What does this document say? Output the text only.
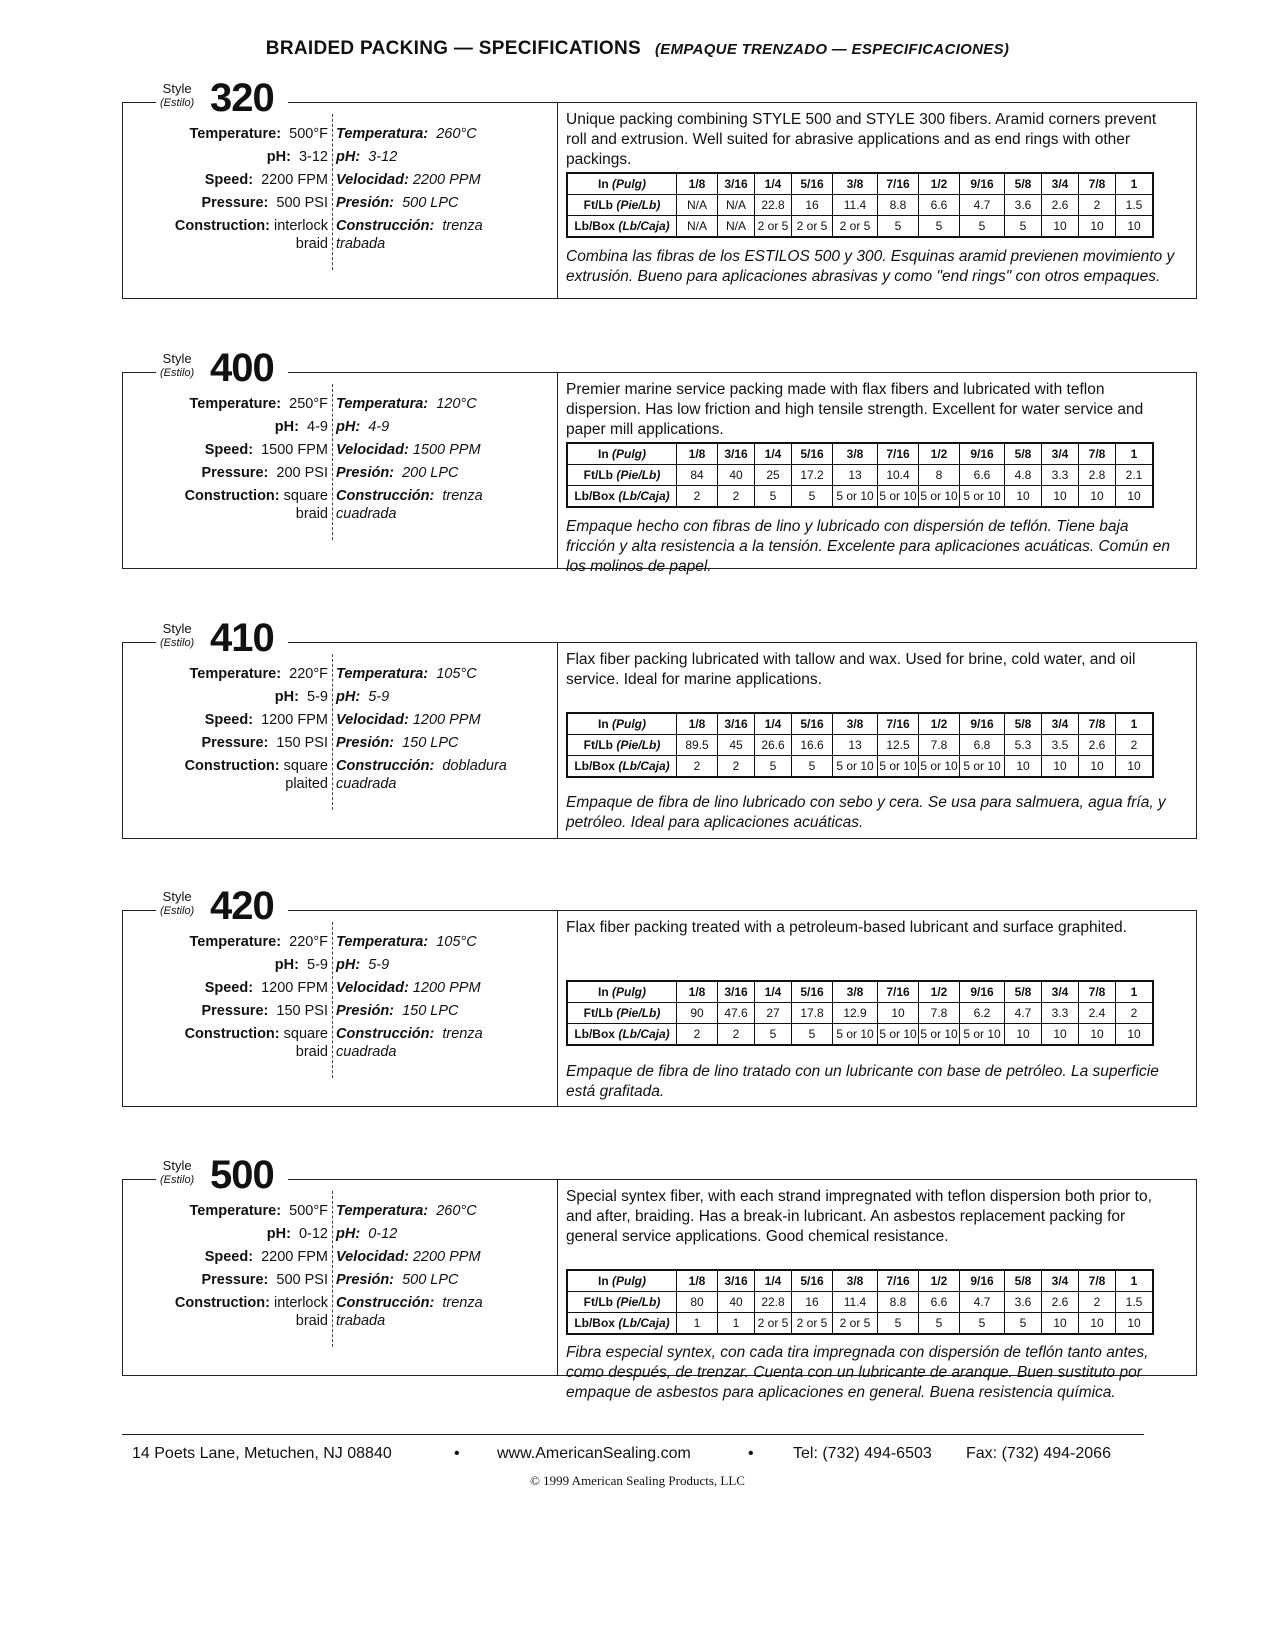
BRAIDED PACKING — SPECIFICATIONS (EMPAQUE TRENZADO — ESPECIFICACIONES)
Style
(Estilo) 320
Temperature: 500°F Temperatura: 260°C
pH: 3-12 pH: 3-12
Speed: 2200 FPM Velocidad: 2200 PPM
Pressure: 500 PSI Presión: 500 LPC
Construction: interlock
braid
Construcción: trenza
trabada
Unique packing combining STYLE 500 and STYLE 300 fibers. Aramid corners prevent roll and extrusion. Well suited for abrasive applications and as end rings with other packings.
Combina las fibras de los ESTILOS 500 y 300. Esquinas aramid previenen movimiento y extrusión. Bueno para aplicaciones abrasivas y como "end rings" con otros empaques.
In (Pulg)	1/8	3/16	1/4	5/16	3/8	7/16	1/2	9/16	5/8	3/4	7/8	1
Ft/Lb (Pie/Lb)	N/A	N/A	22.8	16	11.4	8.8	6.6	4.7	3.6	2.6	2	1.5
Lb/Box (Lb/Caja)	N/A	N/A	2 or 5	2 or 5	2 or 5	5	5	5	5	10	10	10
Style
(Estilo) 400
Temperature: 250°F Temperatura: 120°C
pH: 4-9 pH: 4-9
Speed: 1500 FPM Velocidad: 1500 PPM
Pressure: 200 PSI Presión: 200 LPC
Construction: square
braid
Construcción: trenza
cuadrada
Premier marine service packing made with flax fibers and lubricated with teflon dispersion. Has low friction and high tensile strength. Excellent for water service and paper mill applications.
Empaque hecho con fibras de lino y lubricado con dispersión de teflón. Tiene baja fricción y alta resistencia a la tensión. Excelente para aplicaciones acuáticas. Común en los molinos de papel.
In (Pulg)	1/8	3/16	1/4	5/16	3/8	7/16	1/2	9/16	5/8	3/4	7/8	1
Ft/Lb (Pie/Lb)	84	40	25	17.2	13	10.4	8	6.6	4.8	3.3	2.8	2.1
Lb/Box (Lb/Caja)	2	2	5	5	5 or 10	5 or 10	5 or 10	5 or 10	10	10	10	10
Style
(Estilo) 410
Temperature: 220°F Temperatura: 105°C
pH: 5-9 pH: 5-9
Speed: 1200 FPM Velocidad: 1200 PPM
Pressure: 150 PSI Presión: 150 LPC
Construction: square
plaited
Construcción: dobladura
cuadrada
Flax fiber packing lubricated with tallow and wax. Used for brine, cold water, and oil service. Ideal for marine applications.
Empaque de fibra de lino lubricado con sebo y cera. Se usa para salmuera, agua fría, y petróleo. Ideal para aplicaciones acuáticas.
In (Pulg)	1/8	3/16	1/4	5/16	3/8	7/16	1/2	9/16	5/8	3/4	7/8	1
Ft/Lb (Pie/Lb)	89.5	45	26.6	16.6	13	12.5	7.8	6.8	5.3	3.5	2.6	2
Lb/Box (Lb/Caja)	2	2	5	5	5 or 10	5 or 10	5 or 10	5 or 10	10	10	10	10
Style
(Estilo) 420
Temperature: 220°F Temperatura: 105°C
pH: 5-9 pH: 5-9
Speed: 1200 FPM Velocidad: 1200 PPM
Pressure: 150 PSI Presión: 150 LPC
Construction: square
braid
Construcción: trenza
cuadrada
Flax fiber packing treated with a petroleum-based lubricant and surface graphited.
Empaque de fibra de lino tratado con un lubricante con base de petróleo. La superficie está grafitada.
In (Pulg)	1/8	3/16	1/4	5/16	3/8	7/16	1/2	9/16	5/8	3/4	7/8	1
Ft/Lb (Pie/Lb)	90	47.6	27	17.8	12.9	10	7.8	6.2	4.7	3.3	2.4	2
Lb/Box (Lb/Caja)	2	2	5	5	5 or 10	5 or 10	5 or 10	5 or 10	10	10	10	10
Style
(Estilo) 500
Temperature: 500°F Temperatura: 260°C
pH: 0-12 pH: 0-12
Speed: 2200 FPM Velocidad: 2200 PPM
Pressure: 500 PSI Presión: 500 LPC
Construction: interlock
braid
Construcción: trenza
trabada
Special syntex fiber, with each strand impregnated with teflon dispersion both prior to, and after, braiding. Has a break-in lubricant. An asbestos replacement packing for general service applications. Good chemical resistance.
Fibra especial syntex, con cada tira impregnada con dispersión de teflón tanto antes, como después, de trenzar. Cuenta con un lubricante de aranque. Buen sustituto por empaque de asbestos para aplicaciones en general. Buena resistencia química.
In (Pulg)	1/8	3/16	1/4	5/16	3/8	7/16	1/2	9/16	5/8	3/4	7/8	1
Ft/Lb (Pie/Lb)	80	40	22.8	16	11.4	8.8	6.6	4.7	3.6	2.6	2	1.5
Lb/Box (Lb/Caja)	1	1	2 or 5	2 or 5	2 or 5	5	5	5	5	10	10	10
14 Poets Lane, Metuchen, NJ 08840	• www.AmericanSealing.com	• Tel: (732) 494-6503 Fax: (732) 494-2066
© 1999 American Sealing Products, LLC
